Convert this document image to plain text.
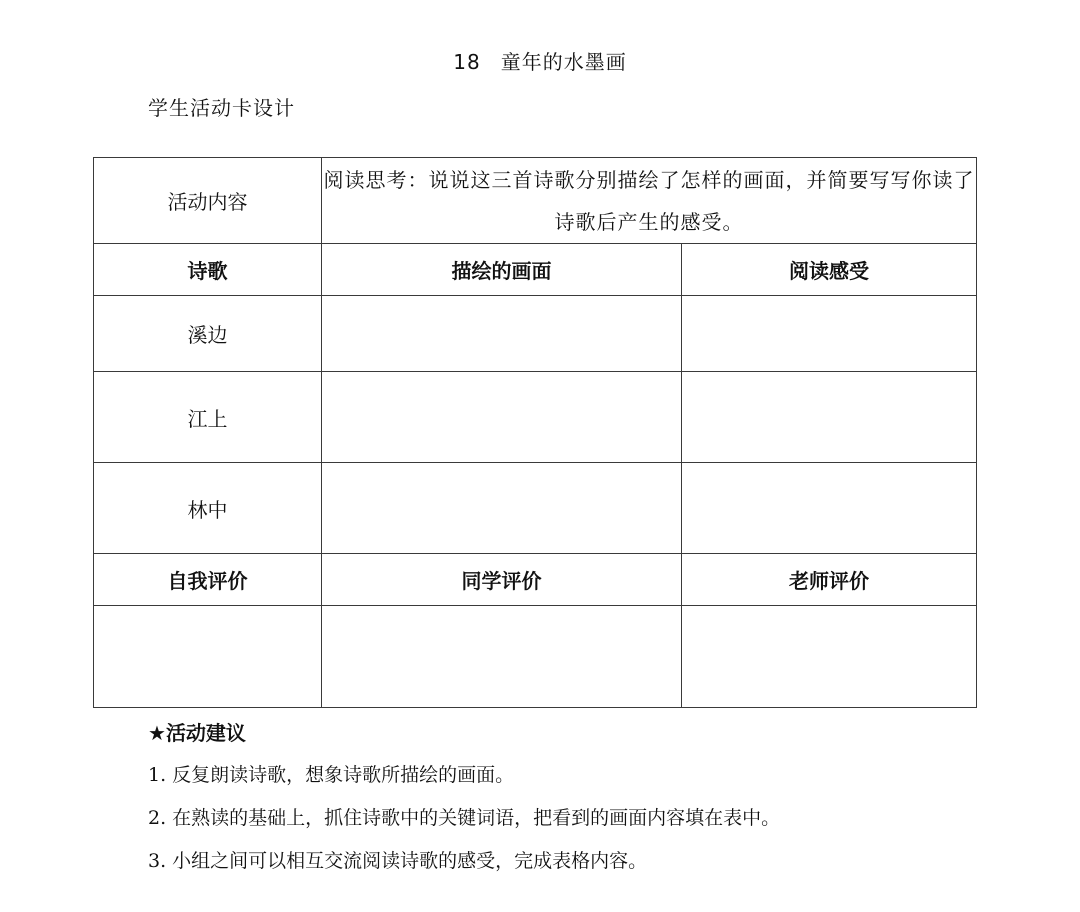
18 童年的水墨画
学生活动卡设计
活动内容	阅读思考：说说这三首诗歌分别描绘了怎样的画面，并简要写写你读了诗歌后产生的感受。	
诗歌	描绘的画面	阅读感受
溪边		
江上		
林中		
自我评价	同学评价	老师评价

★活动建议
1. 反复朗读诗歌，想象诗歌所描绘的画面。
2. 在熟读的基础上，抓住诗歌中的关键词语，把看到的画面内容填在表中。
3. 小组之间可以相互交流阅读诗歌的感受，完成表格内容。
